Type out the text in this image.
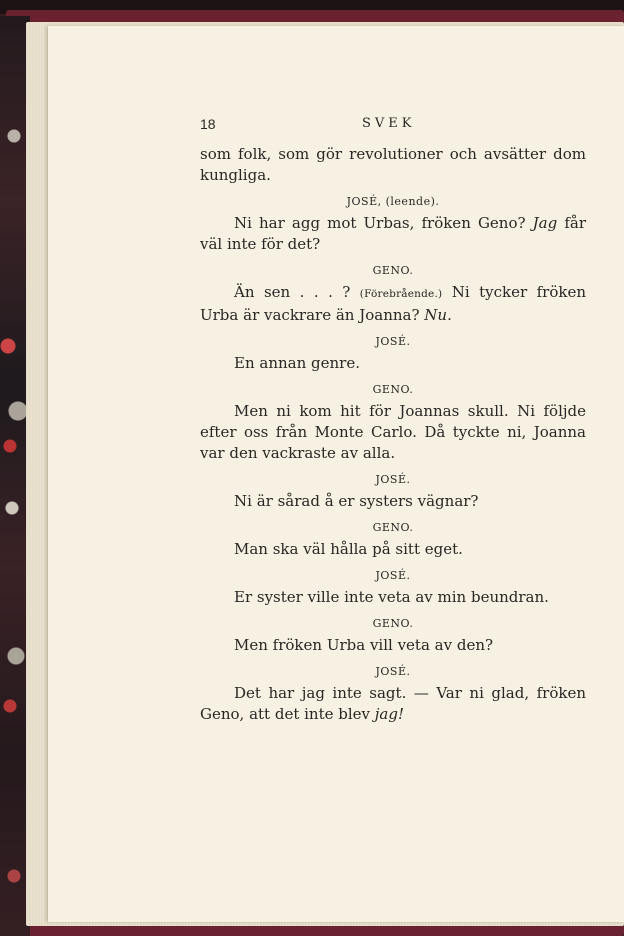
18	SVEK

som folk, som gör revolutioner och avsätter dom kungliga.

JOSÉ, (leende).

Ni har agg mot Urbas, fröken Geno? Jag får väl inte för det?

GENO.

Än sen . . . ? (Förebrående.) Ni tycker fröken Urba är vackrare än Joanna? Nu.

JOSÉ.

En annan genre.

GENO.

Men ni kom hit för Joannas skull. Ni följde efter oss från Monte Carlo. Då tyckte ni, Joanna var den vackraste av alla.

JOSÉ.

Ni är sårad å er systers vägnar?

GENO.

Man ska väl hålla på sitt eget.

JOSÉ.

Er syster ville inte veta av min beundran.

GENO.

Men fröken Urba vill veta av den?

JOSÉ.

Det har jag inte sagt. — Var ni glad, fröken Geno, att det inte blev jag!
